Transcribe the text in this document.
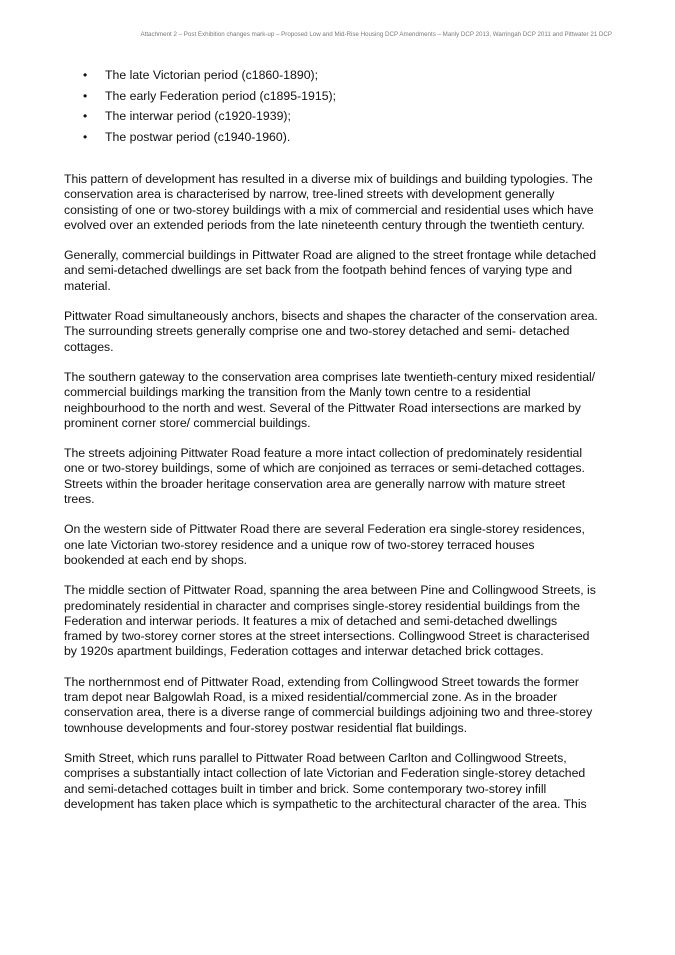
Attachment 2 – Post Exhibition changes mark-up – Proposed Low and Mid-Rise Housing DCP Amendments – Manly DCP 2013, Warringah DCP 2011 and Pittwater 21 DCP
• The late Victorian period (c1860-1890);
• The early Federation period (c1895-1915);
• The interwar period (c1920-1939);
• The postwar period (c1940-1960).

This pattern of development has resulted in a diverse mix of buildings and building typologies. The
conservation area is characterised by narrow, tree-lined streets with development generally
consisting of one or two-storey buildings with a mix of commercial and residential uses which have
evolved over an extended periods from the late nineteenth century through the twentieth century.

Generally, commercial buildings in Pittwater Road are aligned to the street frontage while detached
and semi-detached dwellings are set back from the footpath behind fences of varying type and
material.

Pittwater Road simultaneously anchors, bisects and shapes the character of the conservation area.
The surrounding streets generally comprise one and two-storey detached and semi- detached
cottages.

The southern gateway to the conservation area comprises late twentieth-century mixed residential/
commercial buildings marking the transition from the Manly town centre to a residential
neighbourhood to the north and west. Several of the Pittwater Road intersections are marked by
prominent corner store/ commercial buildings.

The streets adjoining Pittwater Road feature a more intact collection of predominately residential
one or two-storey buildings, some of which are conjoined as terraces or semi-detached cottages.
Streets within the broader heritage conservation area are generally narrow with mature street
trees.

On the western side of Pittwater Road there are several Federation era single-storey residences,
one late Victorian two-storey residence and a unique row of two-storey terraced houses
bookended at each end by shops.

The middle section of Pittwater Road, spanning the area between Pine and Collingwood Streets, is
predominately residential in character and comprises single-storey residential buildings from the
Federation and interwar periods. It features a mix of detached and semi-detached dwellings
framed by two-storey corner stores at the street intersections. Collingwood Street is characterised
by 1920s apartment buildings, Federation cottages and interwar detached brick cottages.

The northernmost end of Pittwater Road, extending from Collingwood Street towards the former
tram depot near Balgowlah Road, is a mixed residential/commercial zone. As in the broader
conservation area, there is a diverse range of commercial buildings adjoining two and three-storey
townhouse developments and four-storey postwar residential flat buildings.

Smith Street, which runs parallel to Pittwater Road between Carlton and Collingwood Streets,
comprises a substantially intact collection of late Victorian and Federation single-storey detached
and semi-detached cottages built in timber and brick. Some contemporary two-storey infill
development has taken place which is sympathetic to the architectural character of the area. This
